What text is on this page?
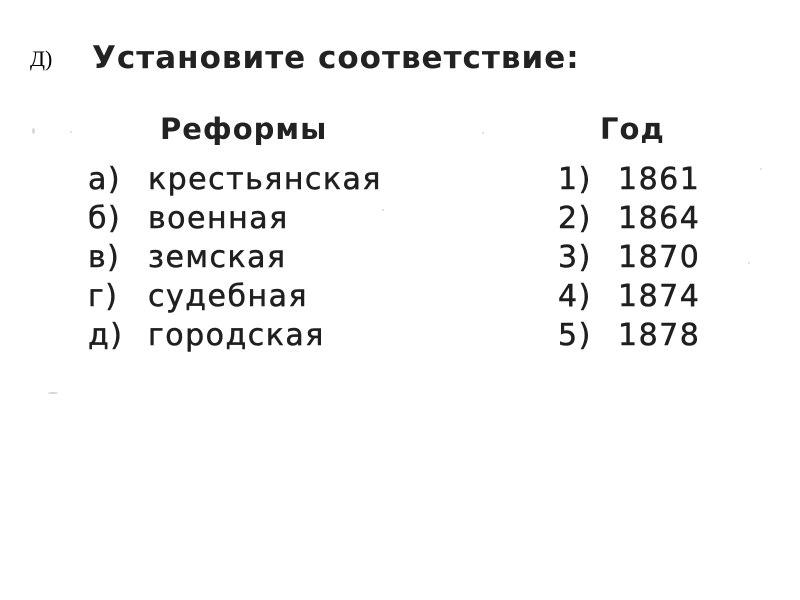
Д) Установите соответствие:
Реформы	Год
а) крестьянская
б) военная
в) земская
г) судебная
д) городская
1) 1861
2) 1864
3) 1870
4) 1874
5) 1878
